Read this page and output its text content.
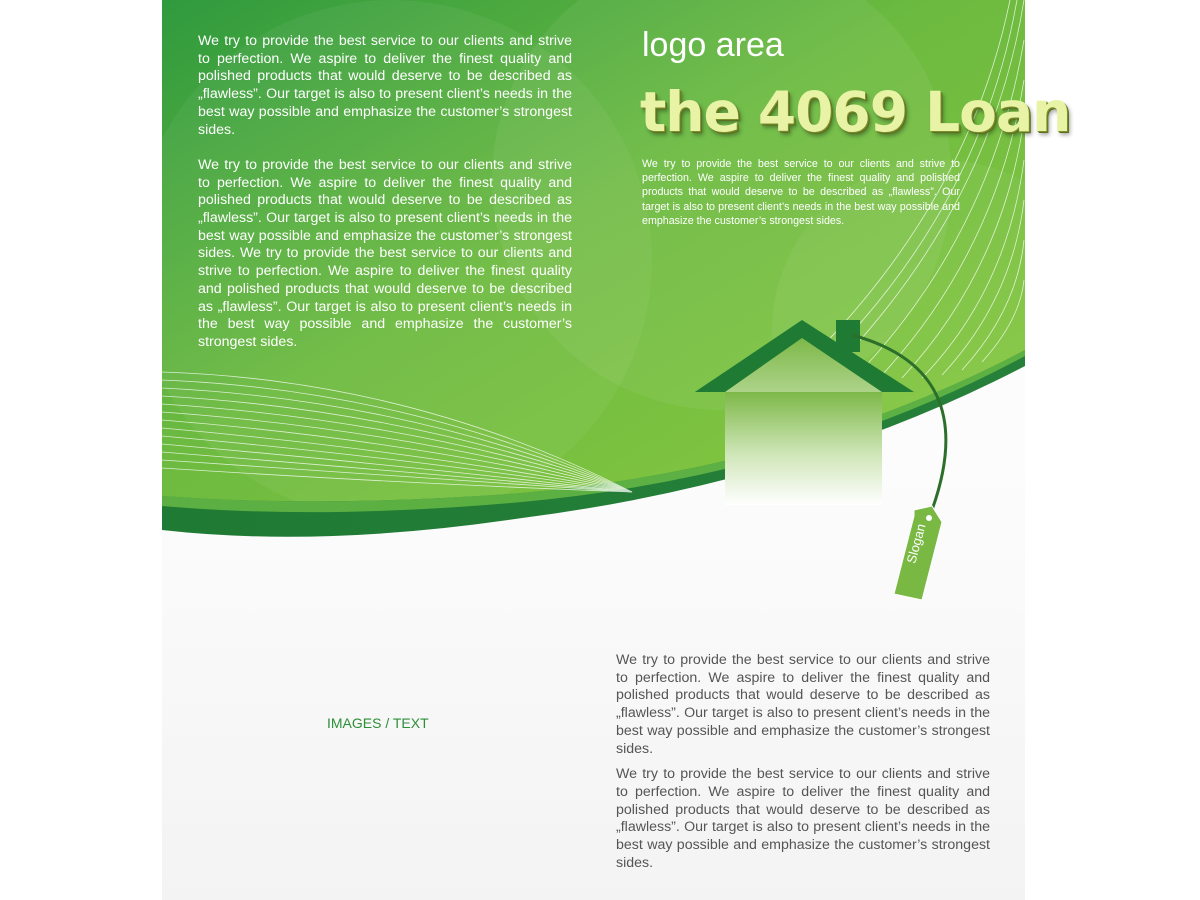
We try to provide the best service to our clients and strive to perfection. We aspire to deliver the finest quality and polished products that would deserve to be described as „flawless”. Our target is also to present client’s needs in the best way possible and emphasize the customer’s strongest sides.

We try to provide the best service to our clients and strive to perfection. We aspire to deliver the finest quality and polished products that would deserve to be described as „flawless”. Our target is also to present client’s needs in the best way possible and emphasize the customer’s strongest sides. We try to provide the best service to our clients and strive to perfection. We aspire to deliver the finest quality and polished products that would deserve to be described as „flawless”. Our target is also to present client’s needs in the best way possible and emphasize the customer’s strongest sides.

logo area
the 4069 Loan

We try to provide the best service to our clients and strive to perfection. We aspire to deliver the finest quality and polished products that would deserve to be described as „flawless”. Our target is also to present client’s needs in the best way possible and emphasize the customer’s strongest sides.

Slogan
IMAGES / TEXT

We try to provide the best service to our clients and strive to perfection. We aspire to deliver the finest quality and polished products that would deserve to be described as „flawless”. Our target is also to present client’s needs in the best way possible and emphasize the customer’s strongest sides.

We try to provide the best service to our clients and strive to perfection. We aspire to deliver the finest quality and polished products that would deserve to be described as „flawless”. Our target is also to present client’s needs in the best way possible and emphasize the customer’s strongest sides.
